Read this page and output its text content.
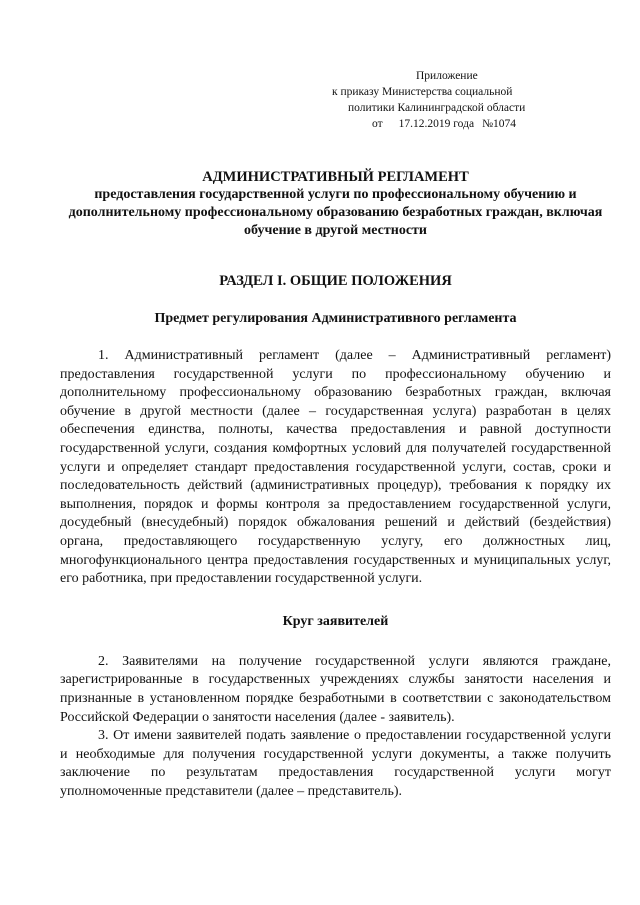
Приложение
к приказу Министерства социальной
политики Калининградской области
от 17.12.2019 года №1074

АДМИНИСТРАТИВНЫЙ РЕГЛАМЕНТ

предоставления государственной услуги по профессиональному обучению и дополнительному профессиональному образованию безработных граждан, включая обучение в другой местности

РАЗДЕЛ I. ОБЩИЕ ПОЛОЖЕНИЯ

Предмет регулирования Административного регламента

1. Административный регламент (далее – Административный регламент) предоставления государственной услуги по профессиональному обучению и дополнительному профессиональному образованию безработных граждан, включая обучение в другой местности (далее – государственная услуга) разработан в целях обеспечения единства, полноты, качества предоставления и равной доступности государственной услуги, создания комфортных условий для получателей государственной услуги и определяет стандарт предоставления государственной услуги, состав, сроки и последовательность действий (административных процедур), требования к порядку их выполнения, порядок и формы контроля за предоставлением государственной услуги, досудебный (внесудебный) порядок обжалования решений и действий (бездействия) органа, предоставляющего государственную услугу, его должностных лиц, многофункционального центра предоставления государственных и муниципальных услуг, его работника, при предоставлении государственной услуги.

Круг заявителей

2. Заявителями на получение государственной услуги являются граждане, зарегистрированные в государственных учреждениях службы занятости населения и признанные в установленном порядке безработными в соответствии с законодательством Российской Федерации о занятости населения (далее - заявитель).

3. От имени заявителей подать заявление о предоставлении государственной услуги и необходимые для получения государственной услуги документы, а также получить заключение по результатам предоставления государственной услуги могут уполномоченные представители (далее – представитель).
